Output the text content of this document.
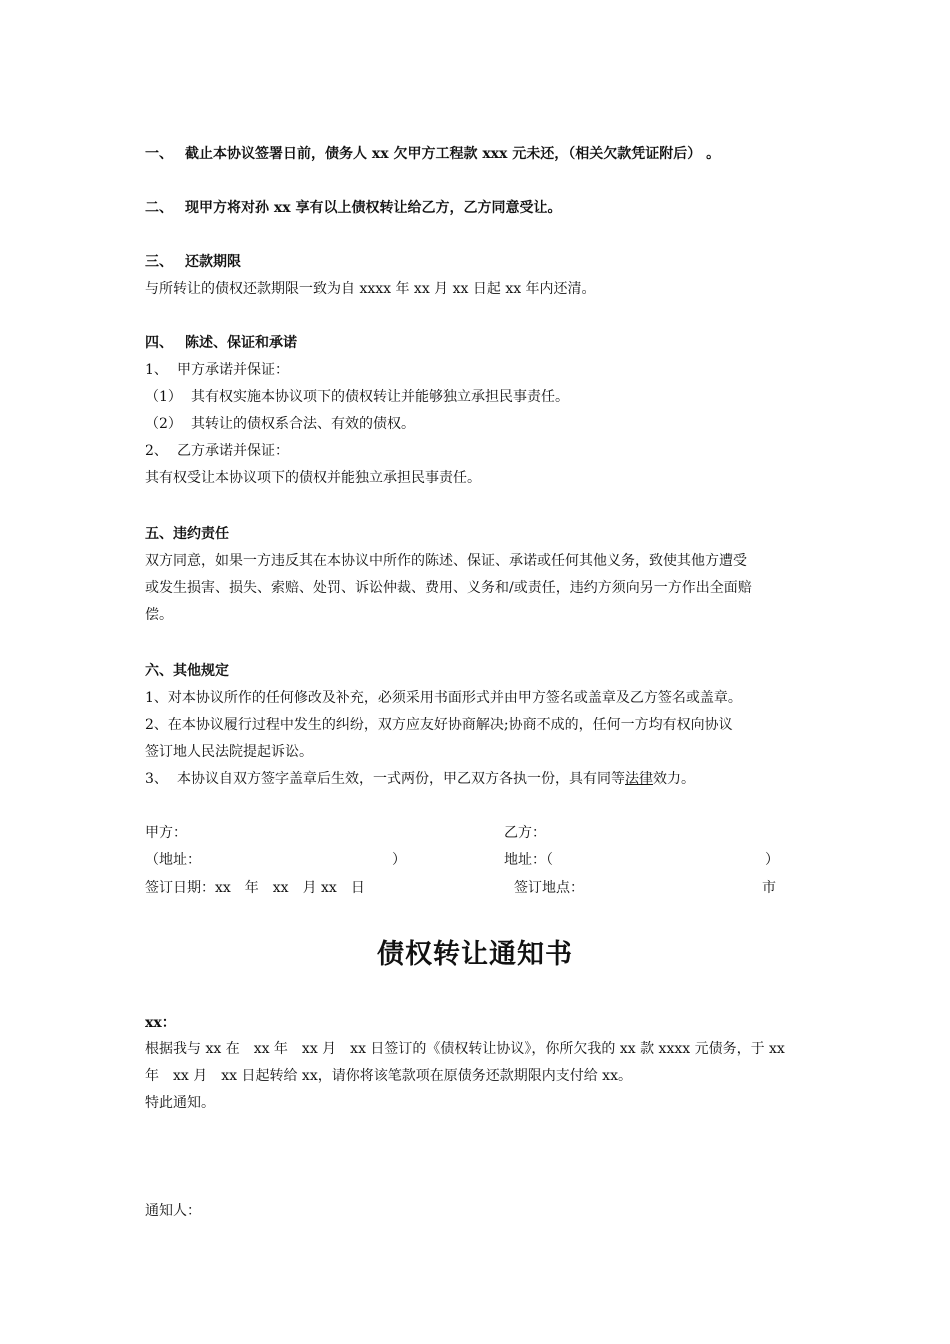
一、 截止本协议签署日前，债务人 xx 欠甲方工程款 xxx 元未还，（相关欠款凭证附后） 。
二、 现甲方将对孙 xx 享有以上债权转让给乙方，乙方同意受让。
三、 还款期限
与所转让的债权还款期限一致为自 xxxx 年 xx 月 xx 日起 xx 年内还清。
四、 陈述、保证和承诺
1、 甲方承诺并保证：
（1） 其有权实施本协议项下的债权转让并能够独立承担民事责任。
（2） 其转让的债权系合法、有效的债权。
2、 乙方承诺并保证：
其有权受让本协议项下的债权并能独立承担民事责任。
五、违约责任
双方同意，如果一方违反其在本协议中所作的陈述、保证、承诺或任何其他义务，致使其他方遭受
或发生损害、损失、索赔、处罚、诉讼仲裁、费用、义务和/或责任，违约方须向另一方作出全面赔
偿。
六、其他规定
1、对本协议所作的任何修改及补充，必须采用书面形式并由甲方签名或盖章及乙方签名或盖章。
2、在本协议履行过程中发生的纠纷，双方应友好协商解决;协商不成的，任何一方均有权向协议
签订地人民法院提起诉讼。
3、 本协议自双方签字盖章后生效，一式两份，甲乙双方各执一份，具有同等法律效力。
甲方：	乙方：
（地址：	）	地址：（	）
签订日期：xx　年　xx　月 xx　日	签订地点：	市
债权转让通知书
xx：
根据我与 xx 在　xx 年　xx 月　xx 日签订的《债权转让协议》，你所欠我的 xx 款 xxxx 元债务，于 xx
年　xx 月　xx 日起转给 xx，请你将该笔款项在原债务还款期限内支付给 xx。
特此通知。
通知人：
